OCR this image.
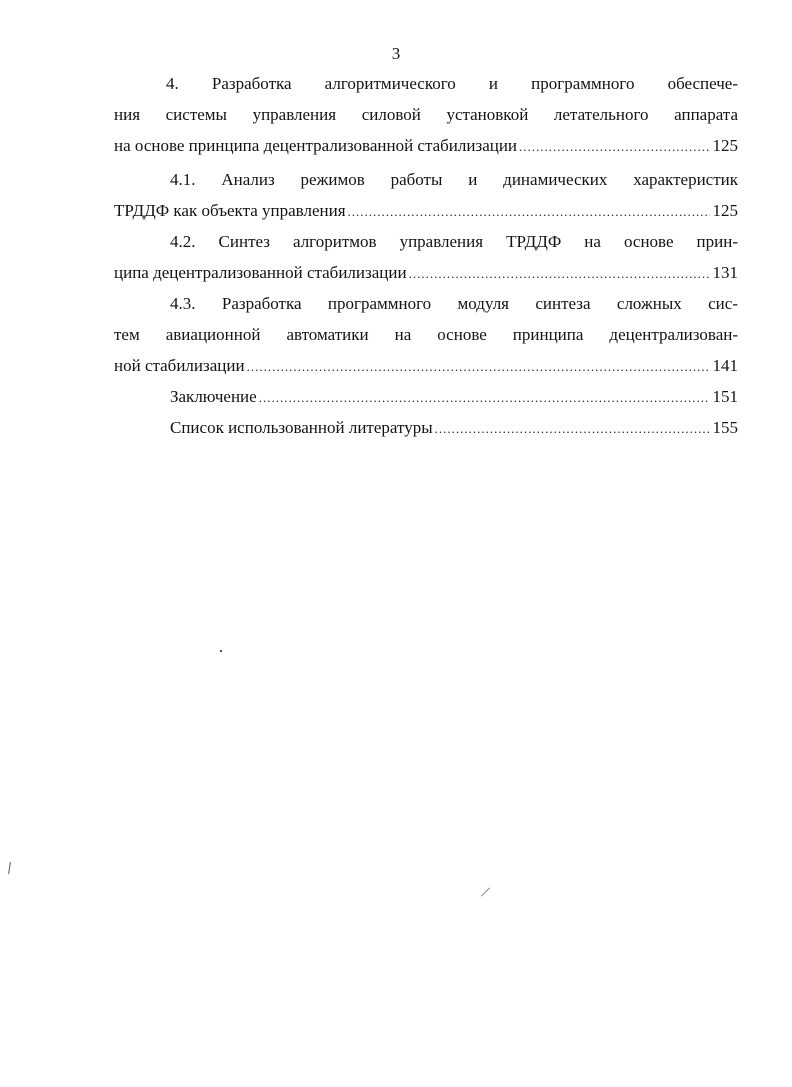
3
4. Разработка алгоритмического и программного обеспече-
ния системы управления силовой установкой летательного аппарата
на основе принципа децентрализованной стабилизации .....	125
4.1. Анализ режимов работы и динамических характеристик
ТРДДФ как объекта управления .....	125
4.2. Синтез алгоритмов управления ТРДДФ на основе прин-
ципа децентрализованной стабилизации .....	131
4.3. Разработка программного модуля синтеза сложных сис-
тем авиационной автоматики на основе принципа децентрализован-
ной стабилизации .....	141
Заключение .....	151
Список использованной литературы .....	155
